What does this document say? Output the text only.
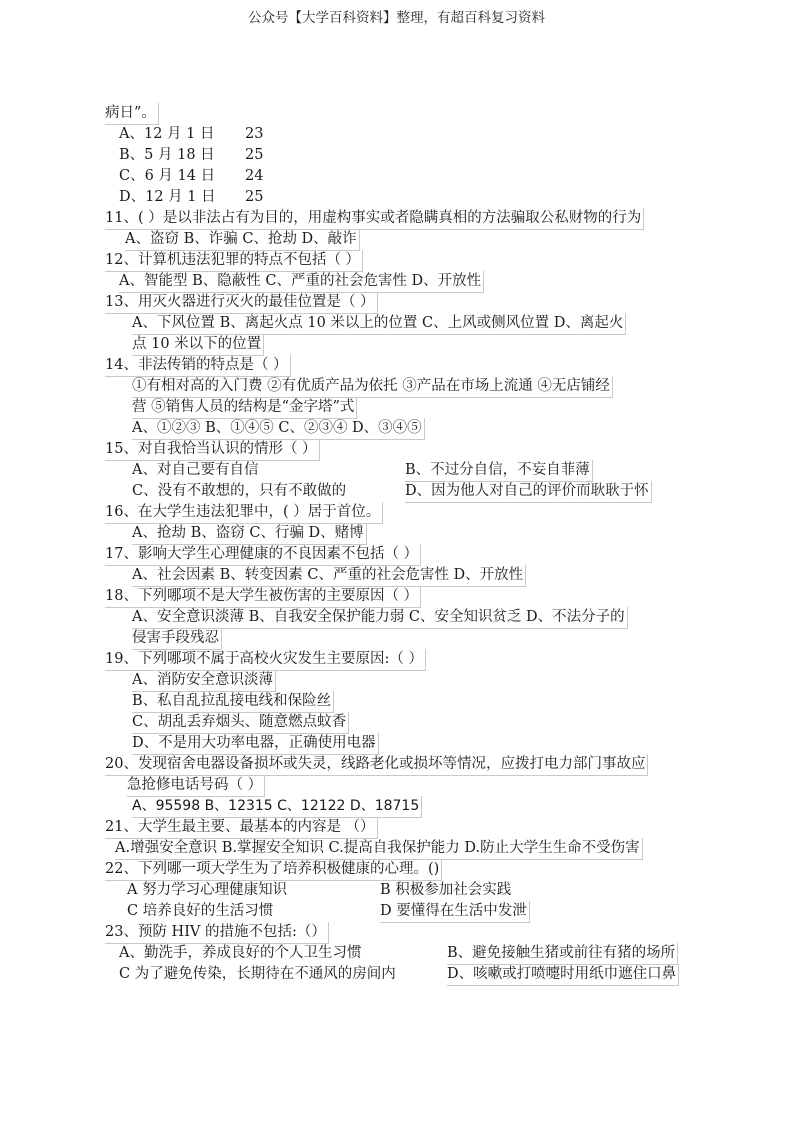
公众号【大学百科资料】整理，有超百科复习资料
病日”。
A、12 月 1 日 23
B、5 月 18 日 25
C、6 月 14 日 24
D、12 月 1 日 25
11、( ）是以非法占有为目的，用虚构事实或者隐瞒真相的方法骗取公私财物的行为
A、盗窃 B、诈骗 C、抢劫 D、敲诈
12、计算机违法犯罪的特点不包括（ ）
A、智能型 B、隐蔽性 C、严重的社会危害性 D、开放性
13、用灭火器进行灭火的最佳位置是（ ）
A、下风位置 B、离起火点 10 米以上的位置 C、上风或侧风位置 D、离起火
点 10 米以下的位置
14、非法传销的特点是（ ）
①有相对高的入门费 ②有优质产品为依托 ③产品在市场上流通 ④无店铺经
营 ⑤销售人员的结构是“金字塔”式
A、①②③ B、①④⑤ C、②③④ D、③④⑤
15、对自我恰当认识的情形（ ）
A、对自己要有自信	B、不过分自信，不妄自菲薄
C、没有不敢想的，只有不敢做的	D、因为他人对自己的评价而耿耿于怀
16、在大学生违法犯罪中，( ）居于首位。
A、抢劫 B、盗窃 C、行骗 D、赌博
17、影响大学生心理健康的不良因素不包括（ ）
A、社会因素 B、转变因素 C、严重的社会危害性 D、开放性
18、下列哪项不是大学生被伤害的主要原因（ ）
A、安全意识淡薄 B、自我安全保护能力弱 C、安全知识贫乏 D、不法分子的
侵害手段残忍
19、下列哪项不属于高校火灾发生主要原因:（ ）
A、消防安全意识淡薄
B、私自乱拉乱接电线和保险丝
C、胡乱丢弃烟头、随意燃点蚊香
D、不是用大功率电器，正确使用电器
20、发现宿舍电器设备损坏或失灵，线路老化或损坏等情况，应拨打电力部门事故应
急抢修电话号码（ ）
A、95598 B、12315 C、12122 D、18715
21、大学生最主要、最基本的内容是 （）
A.增强安全意识 B.掌握安全知识 C.提高自我保护能力 D.防止大学生生命不受伤害
22、下列哪一项大学生为了培养积极健康的心理。()
A 努力学习心理健康知识	B 积极参加社会实践
C 培养良好的生活习惯	D 要懂得在生活中发泄
23、预防 HIV 的措施不包括:（）
A、勤洗手，养成良好的个人卫生习惯	B、避免接触生猪或前往有猪的场所
C 为了避免传染，长期待在不通风的房间内	D、咳嗽或打喷嚏时用纸巾遮住口鼻
